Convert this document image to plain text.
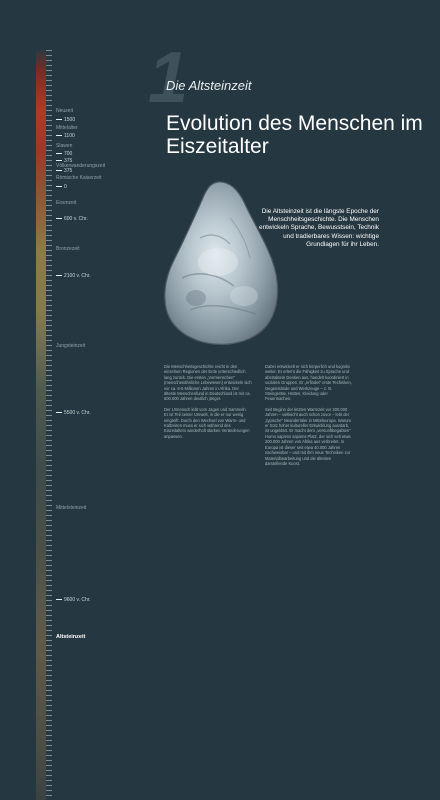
Neuzeit
1500
Mittelalter
1100
Slawen
700
375
Völkerwanderungszeit
375
Römische Kaiserzeit
0
Eisenzeit
600 v. Chr.
Bronzezeit
2100 v. Chr.
Jungsteinzeit
5500 v. Chr.
Mittelsteinzeit
9600 v. Chr.
Altsteinzeit
1
Die Altsteinzeit
Evolution des Menschen im Eiszeitalter
Die Altsteinzeit ist die längste Epoche der Menschheitsgeschichte. Die Menschen entwickeln Sprache, Bewusstsein, Technik und tradierbares Wissen: wichtige Grundlagen für ihr Leben.

Die Menschheitsgeschichte reicht in den einzelnen Regionen der Erde unterschiedlich lang zurück. Die ersten „Vormenschen" (menschenähnliche Lebewesen) entwickeln sich vor ca. 6-5 Millionen Jahren in Afrika. Der älteste Menschenfund in Deutschland ist mit ca. 600.000 Jahren deutlich jünger.

Der Urmensch lebt vom Jagen und Sammeln. Er ist Teil seiner Umwelt, in die er nur wenig eingreift. Durch den Wechsel von Warm- und Kaltzeiten muss er sich während des Eiszeitalters wiederholt starken Veränderungen anpassen.

Dabei entwickelt er sich körperlich und kognitiv weiter. Er erlernt die Fähigkeit zu Sprache und abstraktem Denken aus, handelt koordiniert in sozialen Gruppen. Er „erfindet" erste Techniken, Gegenstände und Werkzeuge – z. B. Steingeräte, Hütten, Kleidung oder Feuermachen.

Seit Beginn der letzten Warmzeit vor 300.000 Jahren – vielleicht auch schon zuvor – lebt der „typische" Neandertaler in Mitteleuropa. Warum er trotz hoher kultureller Entwicklung ausstarb, ist ungeklärt. Er macht dem „vernunftbegabten" Homo sapiens sapiens Platz, der sich seit etwa 200.000 Jahren von Afrika aus verbreitet. In Europa ist dieser seit etwa 40.000 Jahren nachweisbar – und mit ihm neue Techniken zur Materialbearbeitung und die ältesten darstellende Kunst.
